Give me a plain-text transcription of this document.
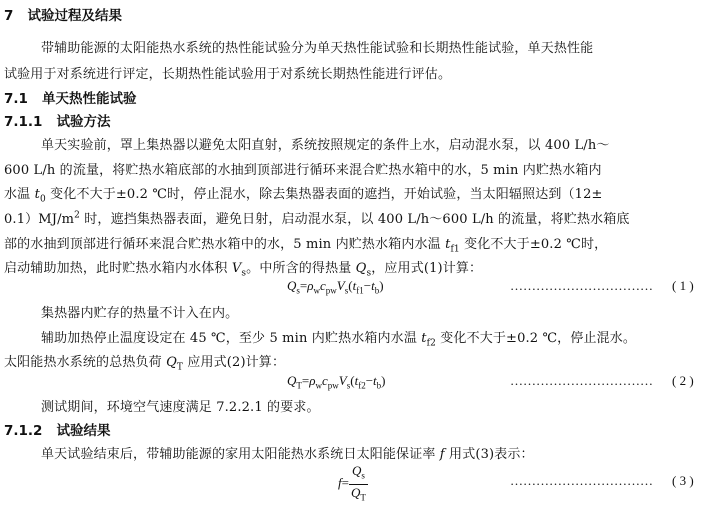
7 试验过程及结果
带辅助能源的太阳能热水系统的热性能试验分为单天热性能试验和长期热性能试验，单天热性能
试验用于对系统进行评定，长期热性能试验用于对系统长期热性能进行评估。
7.1 单天热性能试验
7.1.1 试验方法
单天实验前，罩上集热器以避免太阳直射，系统按照规定的条件上水，启动混水泵，以 400 L/h～
600 L/h 的流量，将贮热水箱底部的水抽到顶部进行循环来混合贮热水箱中的水，5 min 内贮热水箱内
水温 $t_0$ 变化不大于±0.2 ℃时，停止混水，除去集热器表面的遮挡，开始试验，当太阳辐照达到（12±
$0.1)MJ/m^2$ 时，遮挡集热器表面，避免日射，启动混水泵，以 400 L/h～600 L/h 的流量，将贮热水箱底
部的水抽到顶部进行循环来混合贮热水箱中的水，5 min 内贮热水箱内水温 $t_{f1}$ 变化不大于±0.2 ℃时，
启动辅助加热，此时贮热水箱内水体积 $V_s$。中所含的得热量 $Q_s$，应用式(1)计算：
$Q_s=\rho_wc_{pw}V_s(t_{f1}-t_b)$	…………………………… ( 1 )
集热器内贮存的热量不计入在内。
辅助加热停止温度设定在 45 ℃，至少 5 min 内贮热水箱内水温 $t_{f2}$ 变化不大于±0.2 ℃，停止混水。
太阳能热水系统的总热负荷 $Q_T$ 应用式(2)计算：
$Q_T=\rho_wc_{pw}V_s(t_{f2}-t_b)$	…………………………… ( 2 )
测试期间，环境空气速度满足 7.2.2.1 的要求。
7.1.2 试验结果
单天试验结束后，带辅助能源的家用太阳能热水系统日太阳能保证率 f 用式(3)表示：
$f= \frac{Q_s}{Q_T}$	…………………………… ( 3 )
